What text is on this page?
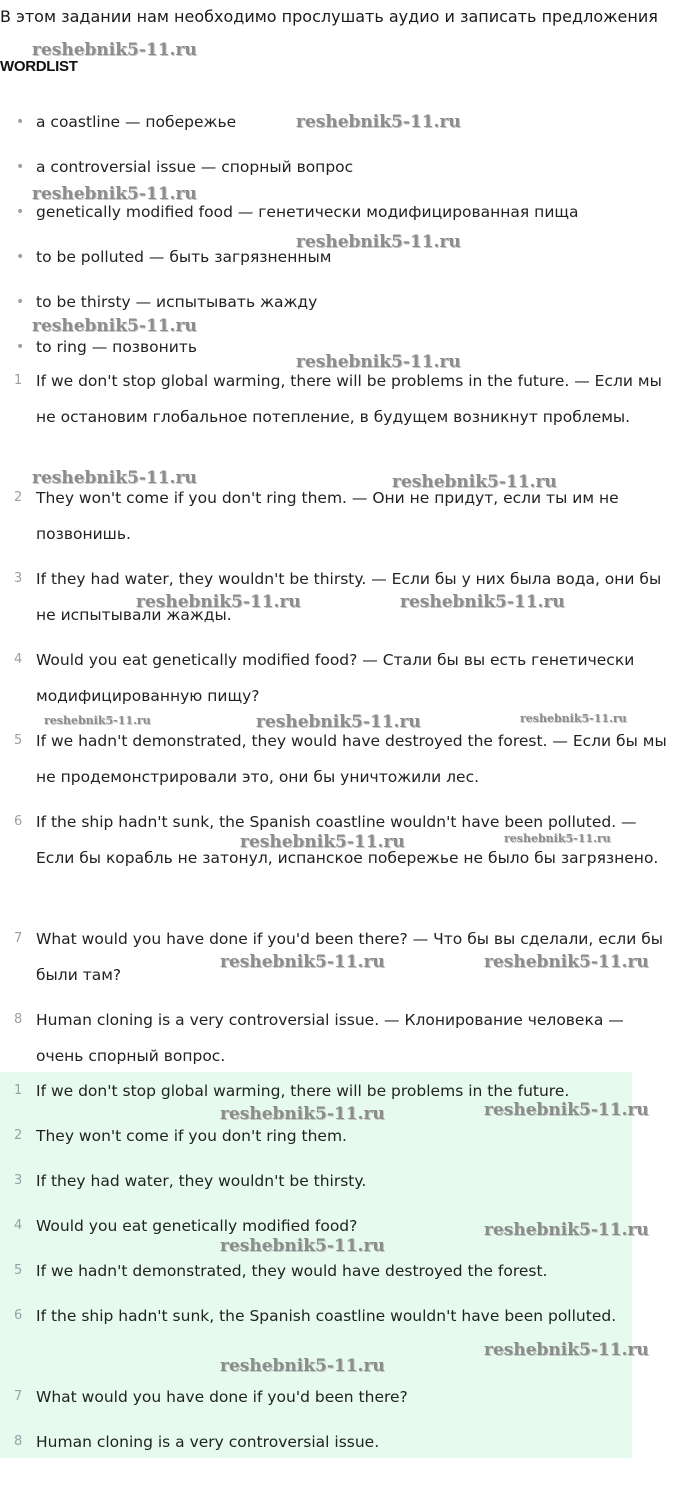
В этом задании нам необходимо прослушать аудио и записать предложения
WORDLIST
• a coastline — побережье
• a controversial issue — спорный вопрос
• genetically modified food — генетически модифицированная пища
• to be polluted — быть загрязненным
• to be thirsty — испытывать жажду
• to ring — позвонить
1 If we don't stop global warming, there will be problems in the future. — Если мы не остановим глобальное потепление, в будущем возникнут проблемы.
2 They won't come if you don't ring them. — Они не придут, если ты им не позвонишь.
3 If they had water, they wouldn't be thirsty. — Если бы у них была вода, они бы не испытывали жажды.
4 Would you eat genetically modified food? — Стали бы вы есть генетически модифицированную пищу?
5 If we hadn't demonstrated, they would have destroyed the forest. — Если бы мы не продемонстрировали это, они бы уничтожили лес.
6 If the ship hadn't sunk, the Spanish coastline wouldn't have been polluted. — Если бы корабль не затонул, испанское побережье не было бы загрязнено.
7 What would you have done if you'd been there? — Что бы вы сделали, если бы были там?
8 Human cloning is a very controversial issue. — Клонирование человека — очень спорный вопрос.
1 If we don't stop global warming, there will be problems in the future.
2 They won't come if you don't ring them.
3 If they had water, they wouldn't be thirsty.
4 Would you eat genetically modified food?
5 If we hadn't demonstrated, they would have destroyed the forest.
6 If the ship hadn't sunk, the Spanish coastline wouldn't have been polluted.
7 What would you have done if you'd been there?
8 Human cloning is a very controversial issue.
reshebnik5-11.ru
reshebnik5-11.ru
reshebnik5-11.ru
reshebnik5-11.ru
reshebnik5-11.ru
reshebnik5-11.ru
reshebnik5-11.ru	reshebnik5-11.ru
reshebnik5-11.ru	reshebnik5-11.ru
reshebnik5-11.ru	reshebnik5-11.ru	reshebnik5-11.ru
reshebnik5-11.ru	reshebnik5-11.ru
reshebnik5-11.ru	reshebnik5-11.ru
reshebnik5-11.ru	reshebnik5-11.ru
reshebnik5-11.ru
reshebnik5-11.ru
reshebnik5-11.ru
reshebnik5-11.ru
